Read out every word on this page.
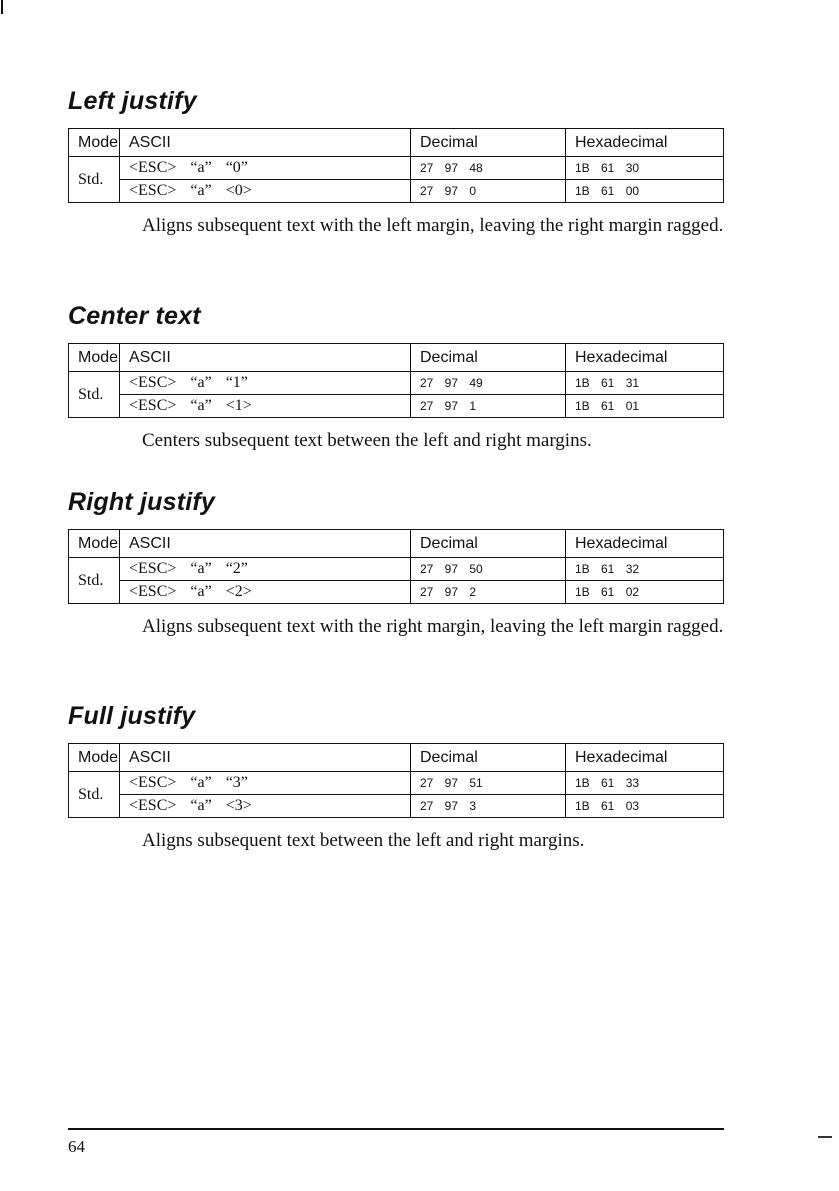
Left justify
Mode	ASCII	Decimal	Hexadecimal
Std.	<ESC> “a” “0”	27 97 48	1B 61 30
	<ESC> “a” <0>	27 97 0	1B 61 00

Aligns subsequent text with the left margin, leaving the right margin ragged.

Center text
Mode	ASCII	Decimal	Hexadecimal
Std.	<ESC> “a” “1”	27 97 49	1B 61 31
	<ESC> “a” <1>	27 97 1	1B 61 01

Centers subsequent text between the left and right margins.

Right justify
Mode	ASCII	Decimal	Hexadecimal
Std.	<ESC> “a” “2”	27 97 50	1B 61 32
	<ESC> “a” <2>	27 97 2	1B 61 02

Aligns subsequent text with the right margin, leaving the left margin ragged.

Full justify
Mode	ASCII	Decimal	Hexadecimal
Std.	<ESC> “a” “3”	27 97 51	1B 61 33
	<ESC> “a” <3>	27 97 3	1B 61 03

Aligns subsequent text between the left and right margins.

64
